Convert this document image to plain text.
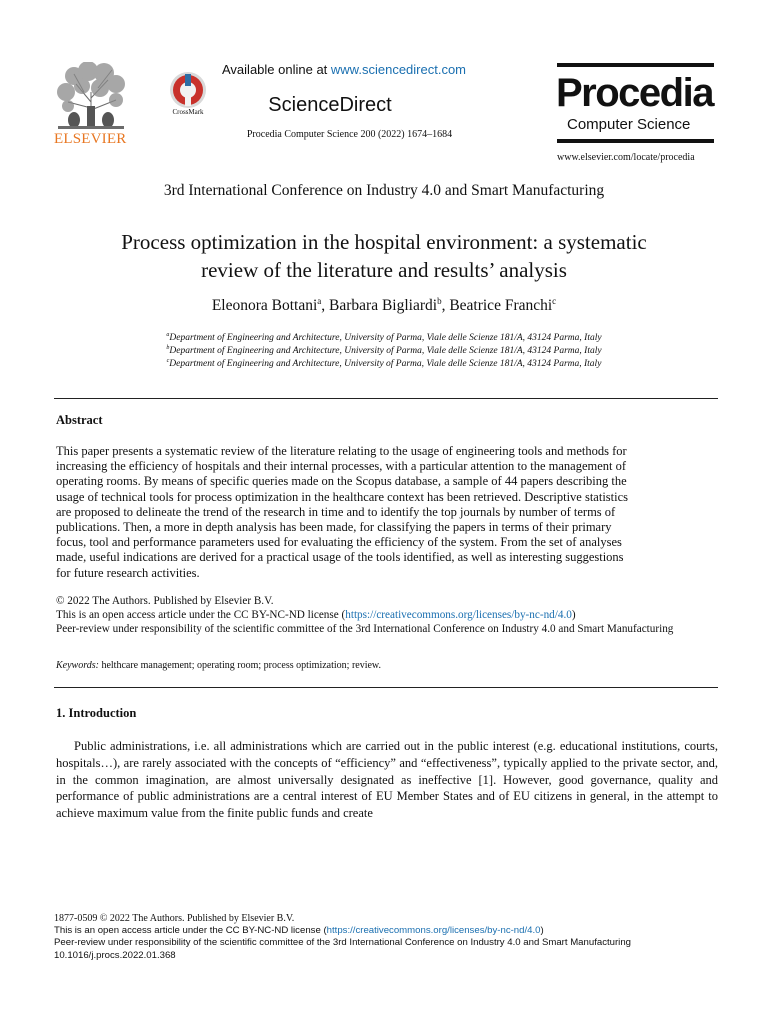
ELSEVIER
CrossMark
Available online at www.sciencedirect.com
ScienceDirect
Procedia Computer Science 200 (2022) 1674–1684
Procedia
Computer Science
www.elsevier.com/locate/procedia
3rd International Conference on Industry 4.0 and Smart Manufacturing
Process optimization in the hospital environment: a systematic
review of the literature and results’ analysis
Eleonora Bottani$^a$, Barbara Bigliardi$^b$, Beatrice Franchi$^c$
$^a$Department of Engineering and Architecture, University of Parma, Viale delle Scienze 181/A, 43124 Parma, Italy
$^b$Department of Engineering and Architecture, University of Parma, Viale delle Scienze 181/A, 43124 Parma, Italy
$^c$Department of Engineering and Architecture, University of Parma, Viale delle Scienze 181/A, 43124 Parma, Italy
Abstract
This paper presents a systematic review of the literature relating to the usage of engineering tools and methods for
increasing the efficiency of hospitals and their internal processes, with a particular attention to the management of
operating rooms. By means of specific queries made on the Scopus database, a sample of 44 papers describing the
usage of technical tools for process optimization in the healthcare context has been retrieved. Descriptive statistics
are proposed to delineate the trend of the research in time and to identify the top journals by number of terms of
publications. Then, a more in depth analysis has been made, for classifying the papers in terms of their primary
focus, tool and performance parameters used for evaluating the efficiency of the system. From the set of analyses
made, useful indications are derived for a practical usage of the tools identified, as well as interesting suggestions
for future research activities.
© 2022 The Authors. Published by Elsevier B.V.
This is an open access article under the CC BY-NC-ND license (https://creativecommons.org/licenses/by-nc-nd/4.0)
Peer-review under responsibility of the scientific committee of the 3rd International Conference on Industry 4.0 and Smart Manufacturing
Keywords: helthcare management; operating room; process optimization; review.
1. Introduction
Public administrations, i.e. all administrations which are carried out in the public interest (e.g. educational institutions, courts, hospitals…), are rarely associated with the concepts of “efficiency” and “effectiveness”, typically applied to the private sector, and, in the common imagination, are almost universally designated as ineffective [1]. However, good governance, quality and performance of public administrations are a central interest of EU Member States and of EU citizens in general, in the attempt to achieve maximum value from the finite public funds and create
1877-0509 © 2022 The Authors. Published by Elsevier B.V.
This is an open access article under the CC BY-NC-ND license (https://creativecommons.org/licenses/by-nc-nd/4.0)
Peer-review under responsibility of the scientific committee of the 3rd International Conference on Industry 4.0 and Smart Manufacturing
10.1016/j.procs.2022.01.368
